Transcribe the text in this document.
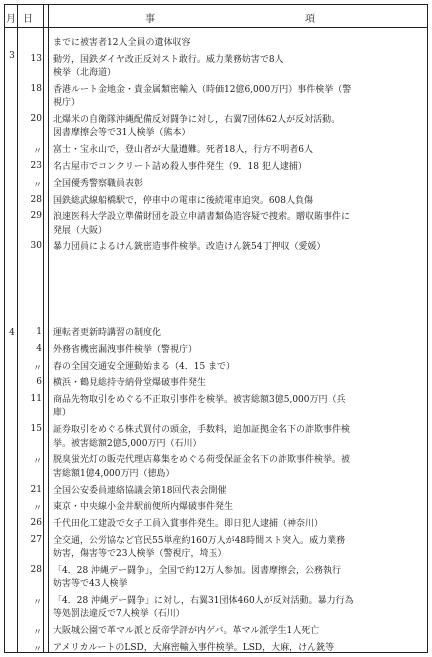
月 日	事	項
3
までに被害者12人全員の遺体収容
13 動労，国鉄ダイヤ改正反対スト敢行。威力業務妨害で8人
検挙（北海道）
18 香港ルート金地金・貴金属類密輸入（時価12億6,000万円）事件検挙（警
視庁）
20 北爆米の自衛隊沖縄配備反対闘争に対し，右翼7団体62人が反対活動。
図書摩擦会等で31人検挙（熊本）
〃 富士・宝永山で，登山者が大量遭難。死者18人，行方不明者6人
23 名古屋市でコンクリート詰め殺人事件発生（9．18 犯人逮捕）
〃 全国優秀警察職員表彰
28 国鉄総武線船橋駅で，停車中の電車に後続電車追突。608人負傷
29 浪速医科大学設立準備財団を設立申請書類偽造容疑で捜索。贈収賄事件に
発展（大阪）
30 暴力団員によるけん銃密造事件検挙。改造けん銃54丁押収（愛媛）
4	1 運転者更新時講習の制度化
4 外務省機密漏洩事件検挙（警視庁）
〃 春の全国交通安全運動始まる（4．15 まで）
6 横浜・鶴見総持寺納骨堂爆破事件発生
11 商品先物取引をめぐる不正取引事件を検挙。被害総額3億5,000万円（兵
庫）
15 証券取引をめぐる株式買付の頭金，手数料，追加証拠金名下の詐欺事件検
挙。被害総額2億5,000万円（石川）
〃 脱臭蛍光灯の販売代理店募集をめぐる荷受保証金名下の詐欺事件検挙。被
害総額1億4,000万円（徳島）
21 全国公安委員連絡協議会第18回代表会開催
〃 東京・中央線小金井駅前便所内爆破事件発生
26 千代田化工建設で女子工員入賞事件発生。即日犯人逮捕（神奈川）
27 全交通，公労協など官民55単産約160万人が48時間スト突入。威力業務
妨害，傷害等で23人検挙（警視庁，埼玉）
28 「4．28 沖縄デー闘争」，全国で約12万人参加。図書摩擦会，公務執行
妨害等で43人検挙
〃 「4．28 沖縄デー闘争」に対し，右翼31団体460人が反対活動。暴力行為
等処罰法違反で7人検挙（石川）
〃 大阪城公園で革マル派と反帝学評が内ゲバ。革マル派学生1人死亡
〃 アメリカルートのLSD，大麻密輸入事件検挙。LSD，大麻，けん銃等
